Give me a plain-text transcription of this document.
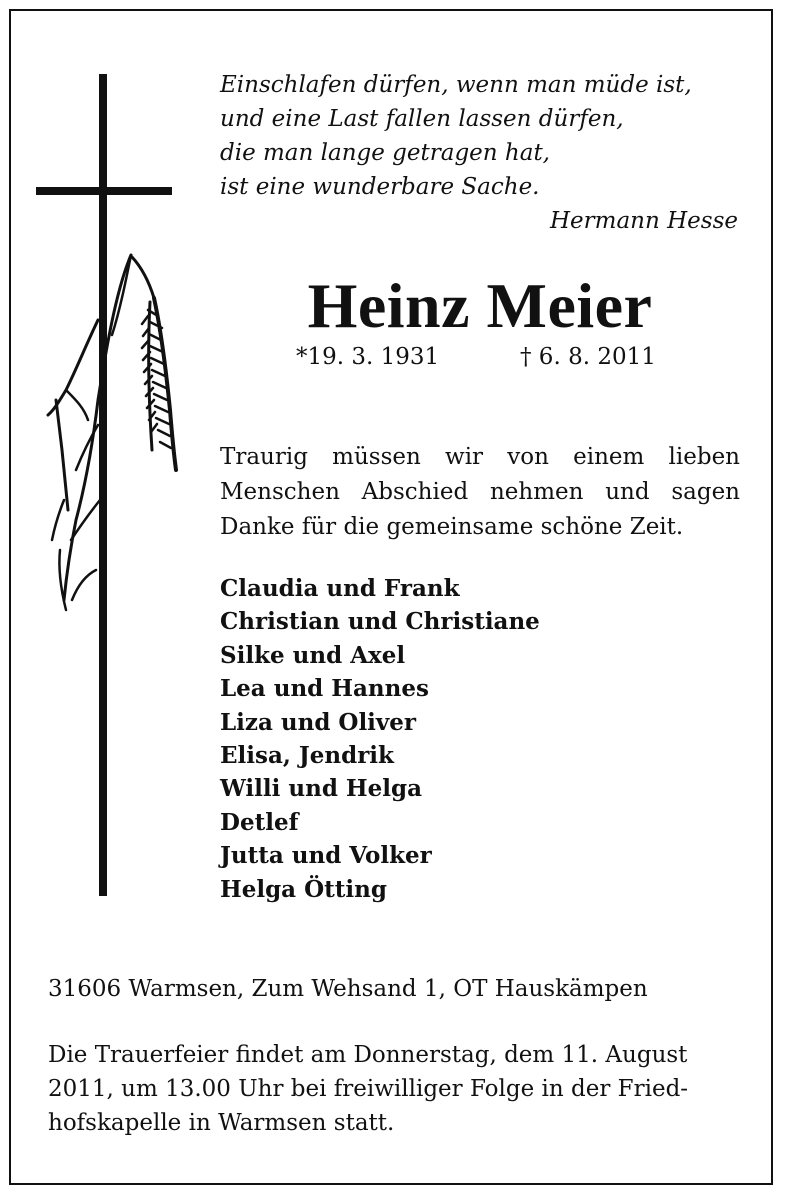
Einschlafen dürfen, wenn man müde ist,
und eine Last fallen lassen dürfen,
die man lange getragen hat,
ist eine wunderbare Sache.
Hermann Hesse
Heinz Meier
*19. 3. 1931	† 6. 8. 2011
Traurig müssen wir von einem lieben
Menschen Abschied nehmen und sagen
Danke für die gemeinsame schöne Zeit.
Claudia und Frank
Christian und Christiane
Silke und Axel
Lea und Hannes
Liza und Oliver
Elisa, Jendrik
Willi und Helga
Detlef
Jutta und Volker
Helga Ötting
31606 Warmsen, Zum Wehsand 1, OT Hauskämpen
Die Trauerfeier findet am Donnerstag, dem 11. August
2011, um 13.00 Uhr bei freiwilliger Folge in der Fried-
hofskapelle in Warmsen statt.
